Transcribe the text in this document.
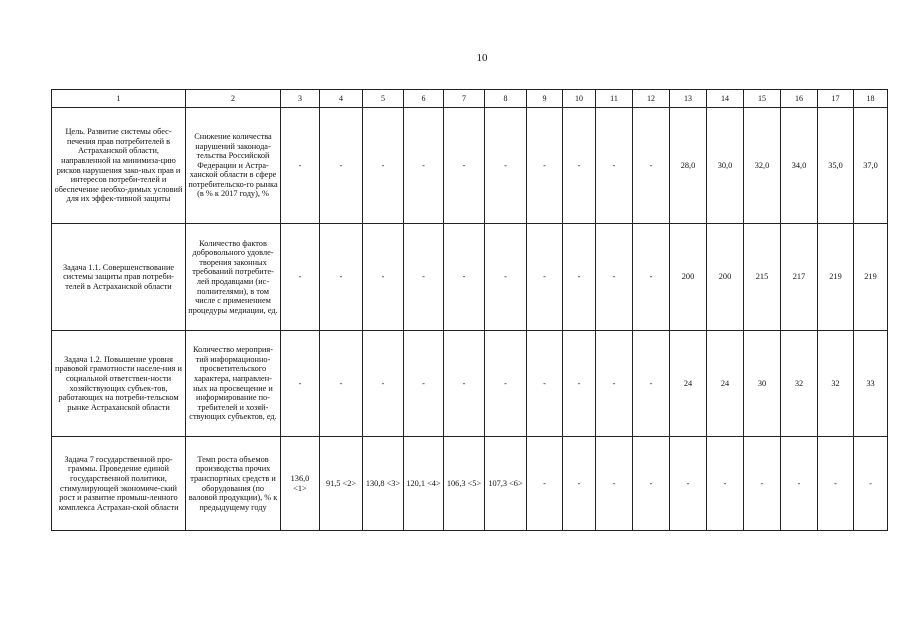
10
1	2	3	4	5	6	7	8	9	10	11	12	13	14	15	16	17	18
Цель. Развитие системы обес-печения прав потребителей в Астраханской области, направленной на минимиза-цию рисков нарушения зако-ных прав и интересов потреби-телей и обеспечение необхо-димых условий для их эффек-тивной защиты	Снижение количества нарушений законода-тельства Российской Федерации и Астра-ханской области в сфере потребительско-го рынка (в % к 2017 году), %	-	-	-	-	-	-	-	-	-	-	28,0	30,0	32,0	34,0	35,0	37,0
Задача 1.1. Совершенствование системы защиты прав потреби-телей в Астраханской области	Количество фактов добровольного удовле-творения законных требований потребите-лей продавцами (ис-полнителями), в том числе с применением процедуры медиации, ед.	-	-	-	-	-	-	-	-	-	-	200	200	215	217	219	219
Задача 1.2. Повышение уровня правовой грамотности населе-ния и социальной ответствен-ности хозяйствующих субъек-тов, работающих на потреби-тельском рынке Астраханской области	Количество мероприя-тий информационно-просветительского характера, направлен-ных на просвещение и информирование по-требителей и хозяй-ствующих субъектов, ед.	-	-	-	-	-	-	-	-	-	-	24	24	30	32	32	33
Задача 7 государственной про-граммы. Проведение единой государственной политики, стимулирующей экономиче-ский рост и развитие промыш-ленного комплекса Астрахан-ской области	Темп роста объемов производства прочих транспортных средств и оборудования (по валовой продукции), % к предыдущему году	136,0 <1>	91,5 <2>	130,8 <3>	120,1 <4>	106,3 <5>	107,3 <6>	-	-	-	-	-	-	-	-	-	-
